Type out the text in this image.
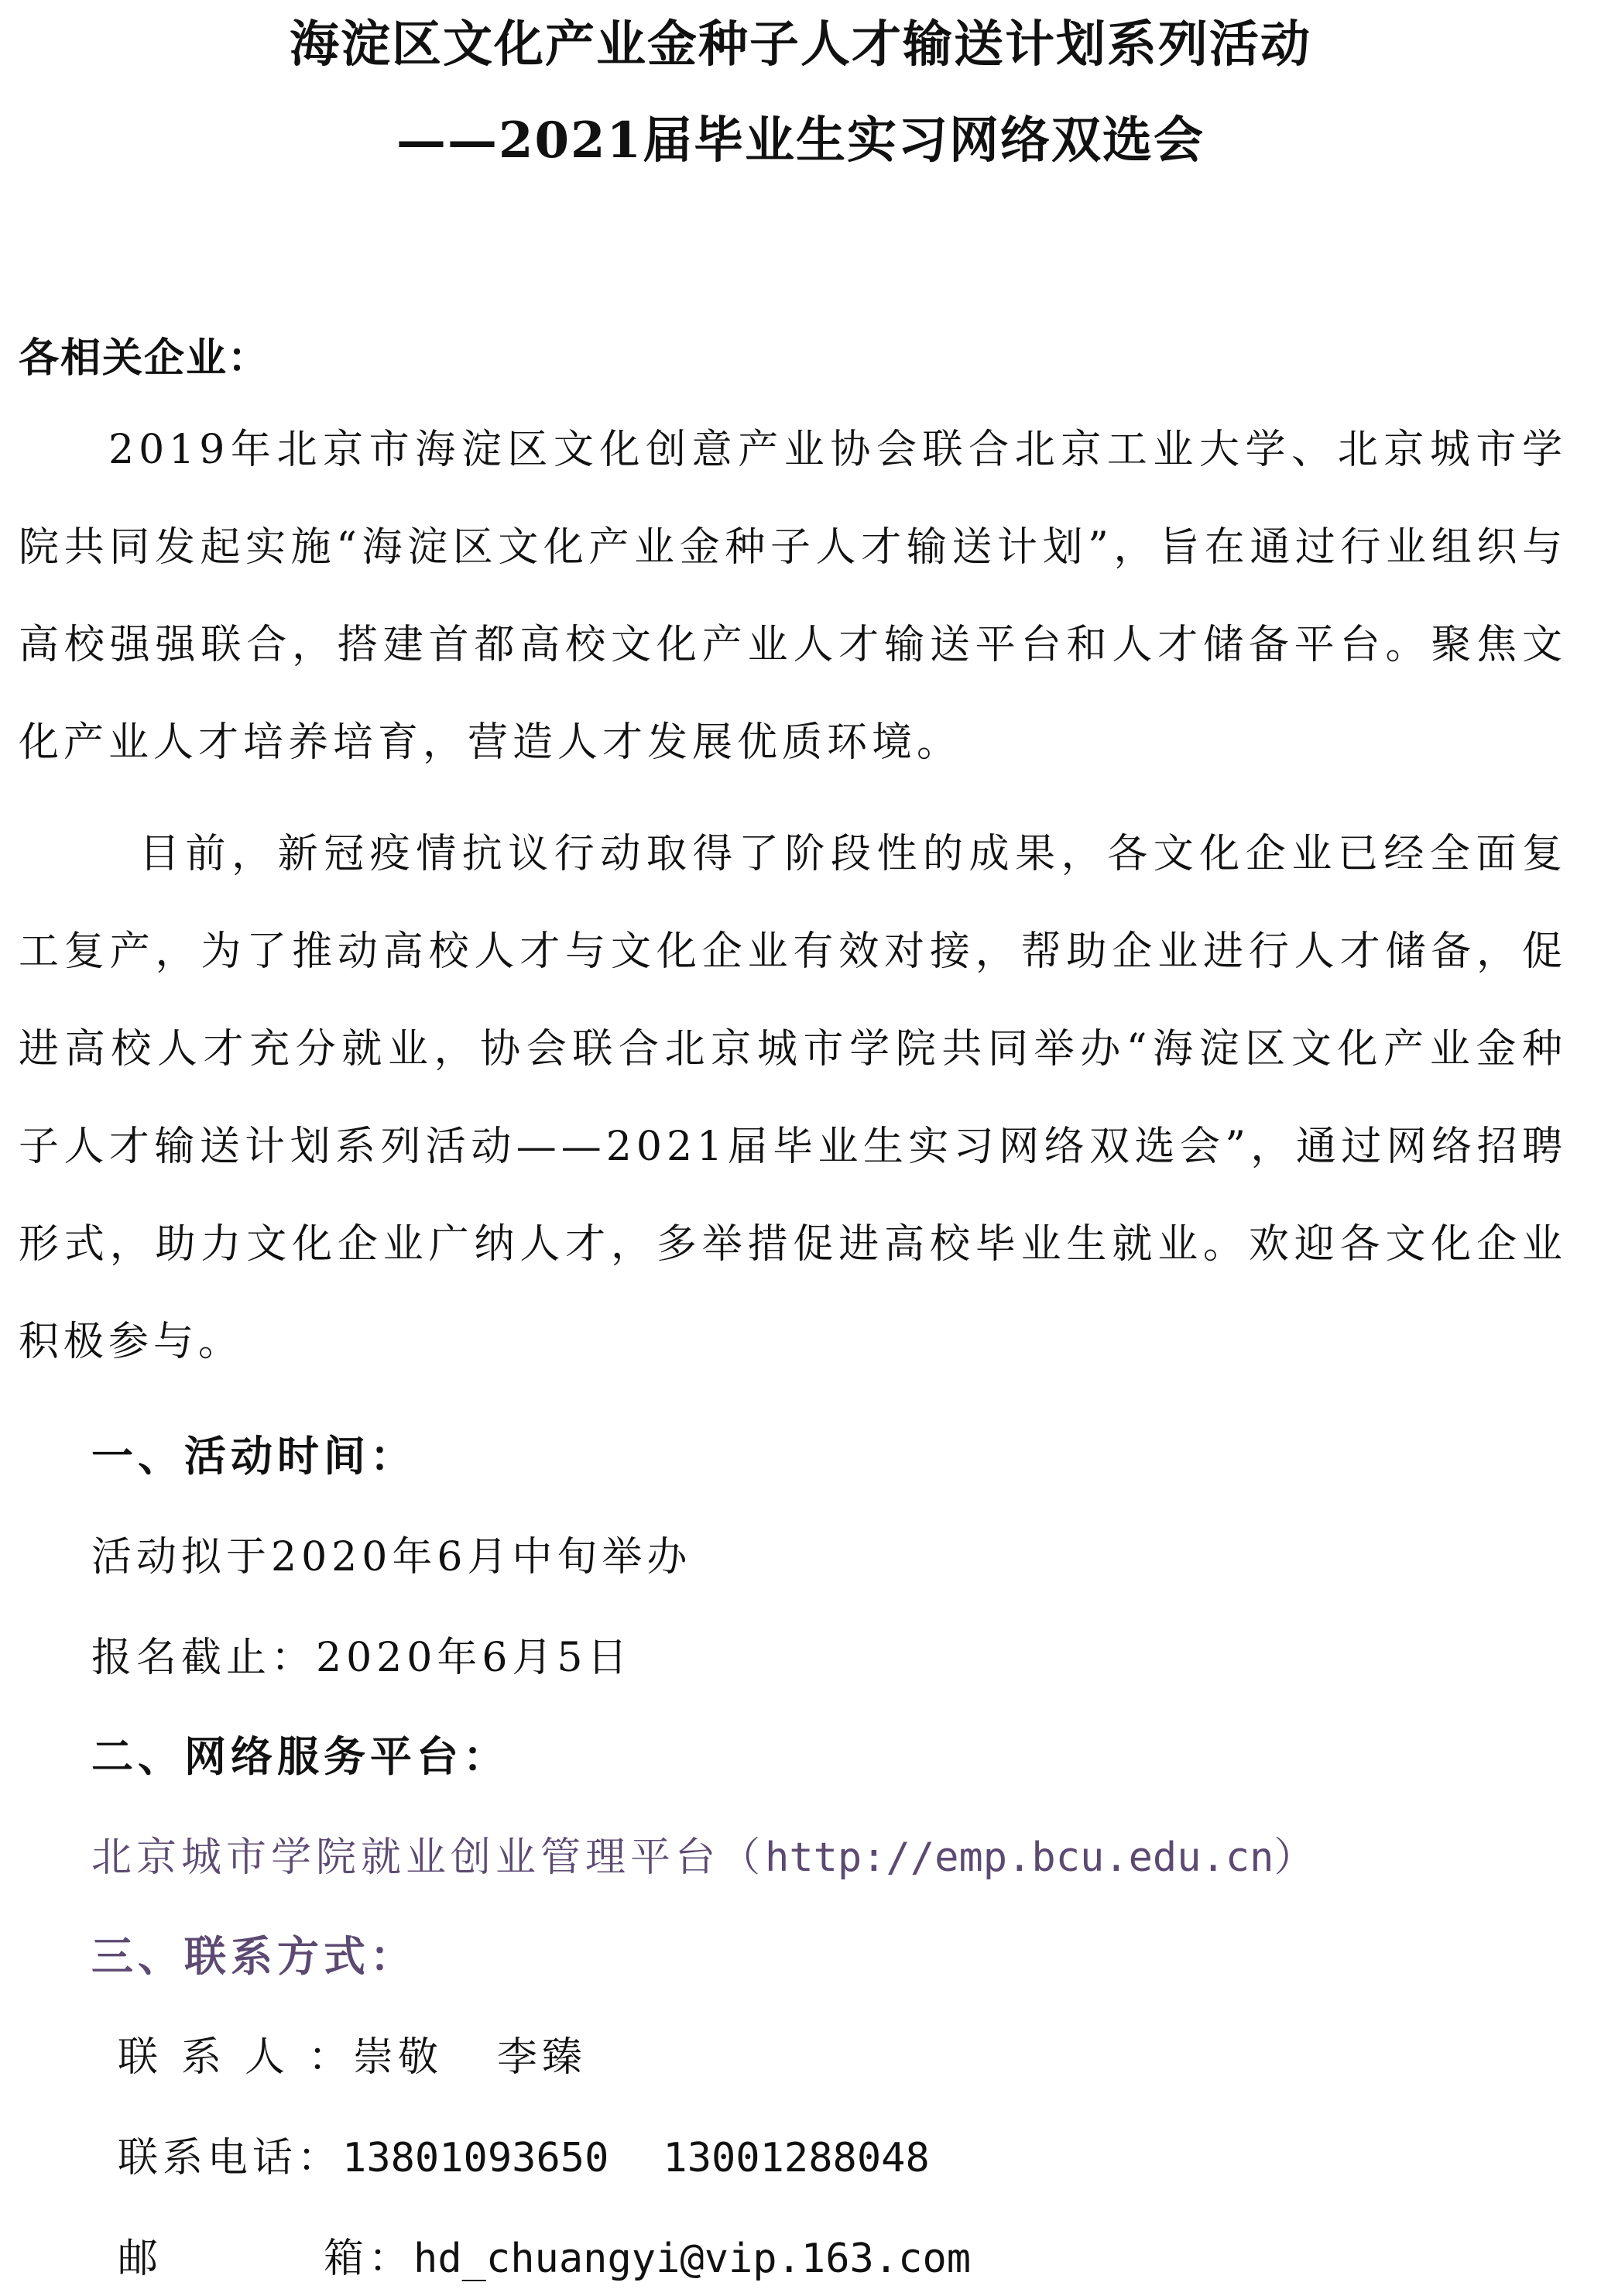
海淀区文化产业金种子人才输送计划系列活动
——2021届毕业生实习网络双选会

各相关企业：

2019年北京市海淀区文化创意产业协会联合北京工业大学、北京城市学院共同发起实施“海淀区文化产业金种子人才输送计划”，旨在通过行业组织与高校强强联合，搭建首都高校文化产业人才输送平台和人才储备平台。聚焦文化产业人才培养培育，营造人才发展优质环境。

目前，新冠疫情抗议行动取得了阶段性的成果，各文化企业已经全面复工复产，为了推动高校人才与文化企业有效对接，帮助企业进行人才储备，促进高校人才充分就业，协会联合北京城市学院共同举办“海淀区文化产业金种子人才输送计划系列活动——2021届毕业生实习网络双选会”，通过网络招聘形式，助力文化企业广纳人才，多举措促进高校毕业生就业。欢迎各文化企业积极参与。

一、活动时间：

活动拟于2020年6月中旬举办

报名截止：2020年6月5日

二、网络服务平台：

北京城市学院就业创业管理平台（http://emp.bcu.edu.cn）

三、联系方式：

联系人：崇敬 李臻

联系电话：13801093650 13001288048

邮	箱：hd_chuangyi@vip.163.com
